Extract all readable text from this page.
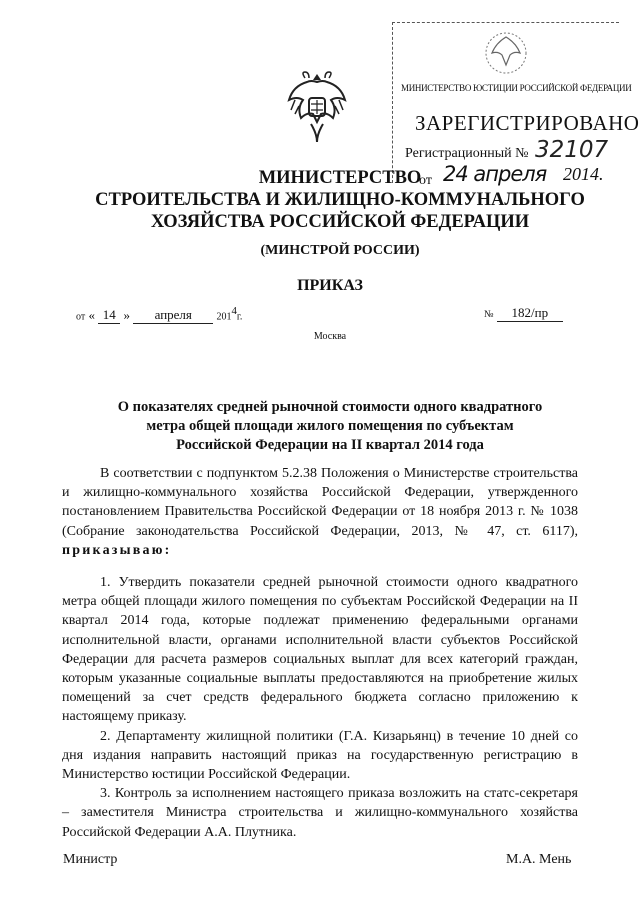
МИНИСТЕРСТВО ЮСТИЦИИ РОССИЙСКОЙ ФЕДЕРАЦИИ
ЗАРЕГИСТРИРОВАНО
Регистрационный № 32107
от 24 апреля 2014.
МИНИСТЕРСТВО
СТРОИТЕЛЬСТВА И ЖИЛИЩНО-КОММУНАЛЬНОГО
ХОЗЯЙСТВА РОССИЙСКОЙ ФЕДЕРАЦИИ
(МИНСТРОЙ РОССИИ)
ПРИКАЗ
от « 14 » апреля $201^4г$.	№ 182/пр
Москва
О показателях средней рыночной стоимости одного квадратного
метра общей площади жилого помещения по субъектам
Российской Федерации на II квартал 2014 года

В соответствии с подпунктом 5.2.38 Положения о Министерстве строительства и жилищно-коммунального хозяйства Российской Федерации, утвержденного постановлением Правительства Российской Федерации от 18 ноября 2013 г. № 1038 (Собрание законодательства Российской Федерации, 2013, № 47, ст. 6117), приказываю:

1. Утвердить показатели средней рыночной стоимости одного квадратного метра общей площади жилого помещения по субъектам Российской Федерации на II квартал 2014 года, которые подлежат применению федеральными органами исполнительной власти, органами исполнительной власти субъектов Российской Федерации для расчета размеров социальных выплат для всех категорий граждан, которым указанные социальные выплаты предоставляются на приобретение жилых помещений за счет средств федерального бюджета согласно приложению к настоящему приказу.

2. Департаменту жилищной политики (Г.А. Кизарьянц) в течение 10 дней со дня издания направить настоящий приказ на государственную регистрацию в Министерство юстиции Российской Федерации.

3. Контроль за исполнением настоящего приказа возложить на статс-секретаря – заместителя Министра строительства и жилищно-коммунального хозяйства Российской Федерации А.А. Плутника.

Министр	М.А. Мень
